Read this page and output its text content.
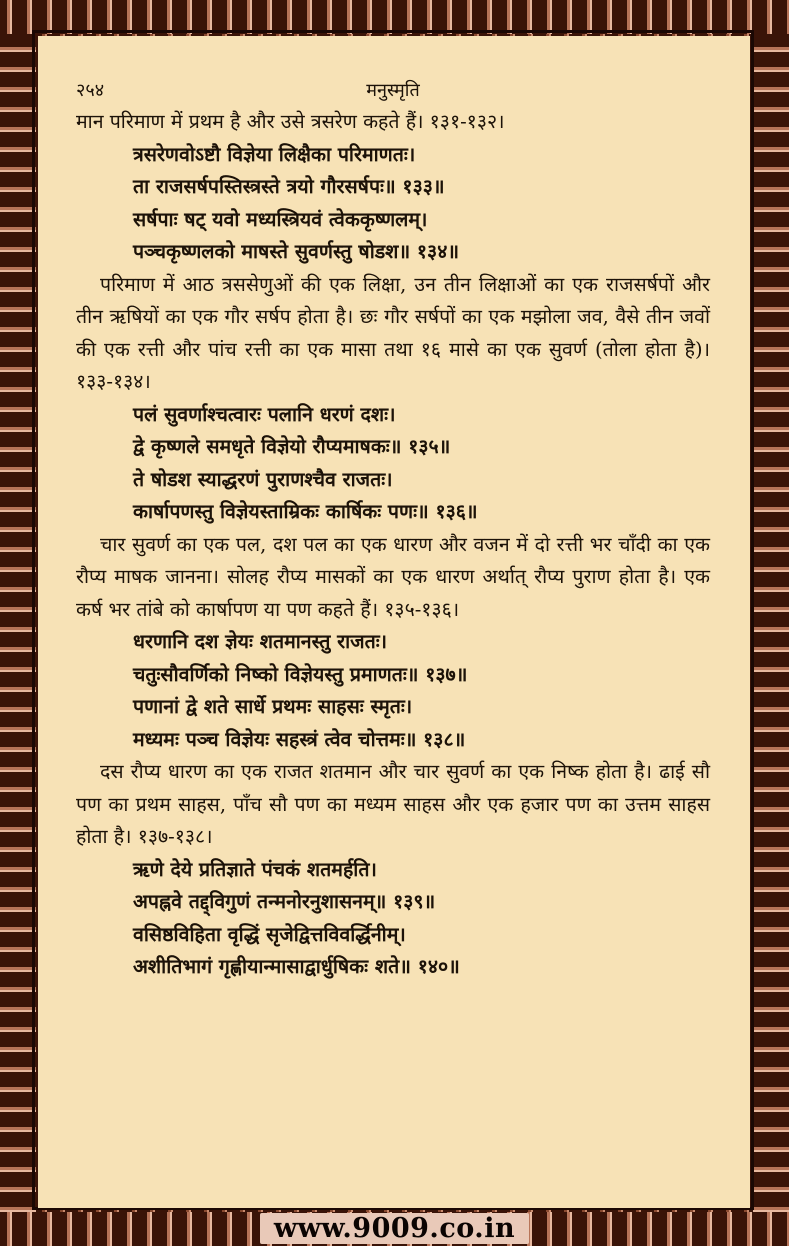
२५४	मनुस्मृति

मान परिमाण में प्रथम है और उसे त्रसरेण कहते हैं। १३१-१३२।

त्रसरेणवोऽष्टौ विज्ञेया लिक्षैका परिमाणतः।

ता राजसर्षपस्तिस्त्रस्ते त्रयो गौरसर्षपः॥ १३३॥

सर्षपाः षट् यवो मध्यस्त्रियवं त्वेककृष्णलम्।

पञ्चकृष्णलको माषस्ते सुवर्णस्तु षोडश॥ १३४॥

परिमाण में आठ त्रससेणुओं की एक लिक्षा, उन तीन लिक्षाओं का एक राजसर्षपों और तीन ऋषियों का एक गौर सर्षप होता है। छः गौर सर्षपों का एक मझोला जव, वैसे तीन जवों की एक रत्ती और पांच रत्ती का एक मासा तथा १६ मासे का एक सुवर्ण (तोला होता है)। १३३-१३४।

पलं सुवर्णाश्चत्वारः पलानि धरणं दशः।

द्वे कृष्णले समधृते विज्ञेयो रौप्यमाषकः॥ १३५॥

ते षोडश स्याद्धरणं पुराणश्चैव राजतः।

कार्षापणस्तु विज्ञेयस्ताम्रिकः कार्षिकः पणः॥ १३६॥

चार सुवर्ण का एक पल, दश पल का एक धारण और वजन में दो रत्ती भर चाँदी का एक रौप्य माषक जानना। सोलह रौप्य मासकों का एक धारण अर्थात् रौप्य पुराण होता है। एक कर्ष भर तांबे को कार्षापण या पण कहते हैं। १३५-१३६।

धरणानि दश ज्ञेयः शतमानस्तु राजतः।

चतुःसौवर्णिको निष्को विज्ञेयस्तु प्रमाणतः॥ १३७॥

पणानां द्वे शते सार्धे प्रथमः साहसः स्मृतः।

मध्यमः पञ्च विज्ञेयः सहस्त्रं त्वेव चोत्तमः॥ १३८॥

दस रौप्य धारण का एक राजत शतमान और चार सुवर्ण का एक निष्क होता है। ढाई सौ पण का प्रथम साहस, पाँच सौ पण का मध्यम साहस और एक हजार पण का उत्तम साहस होता है। १३७-१३८।

ऋणे देये प्रतिज्ञाते पंचकं शतमर्हति।

अपह्नवे तद्द्विगुणं तन्मनोरनुशासनम्॥ १३९॥

वसिष्ठविहिता वृद्धिं सृजेद्वित्तविवर्द्धिनीम्।

अशीतिभागं गृह्णीयान्मासाद्वार्धुषिकः शते॥ १४०॥

www.9009.co.in
